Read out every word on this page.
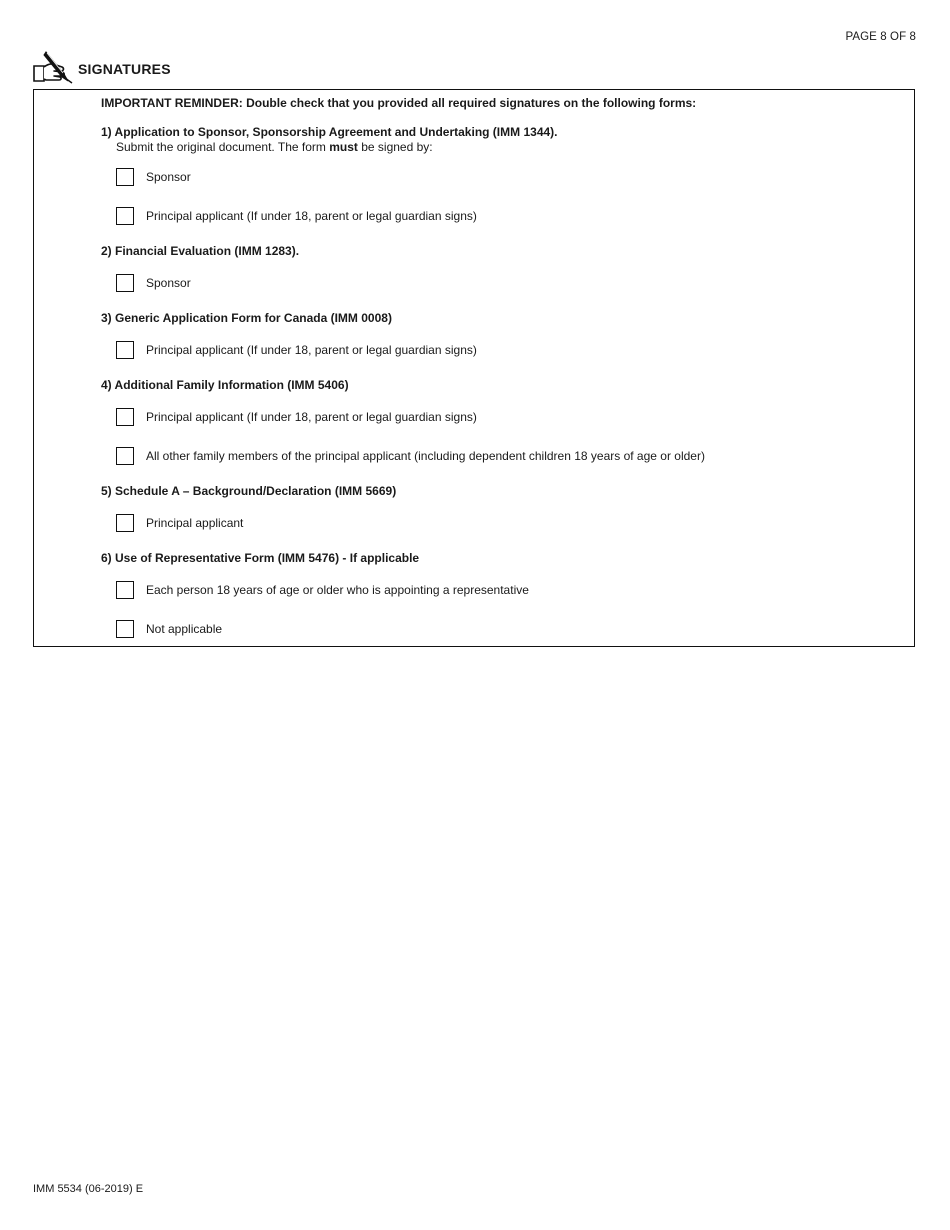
PAGE 8 OF 8
SIGNATURES
IMPORTANT REMINDER: Double check that you provided all required signatures on the following forms:
1) Application to Sponsor, Sponsorship Agreement and Undertaking (IMM 1344).
Submit the original document. The form must be signed by:
Sponsor
Principal applicant (If under 18, parent or legal guardian signs)
2) Financial Evaluation (IMM 1283).
Sponsor
3) Generic Application Form for Canada (IMM 0008)
Principal applicant (If under 18, parent or legal guardian signs)
4) Additional Family Information (IMM 5406)
Principal applicant (If under 18, parent or legal guardian signs)
All other family members of the principal applicant (including dependent children 18 years of age or older)
5) Schedule A – Background/Declaration (IMM 5669)
Principal applicant
6) Use of Representative Form (IMM 5476) - If applicable
Each person 18 years of age or older who is appointing a representative
Not applicable
IMM 5534 (06-2019) E
